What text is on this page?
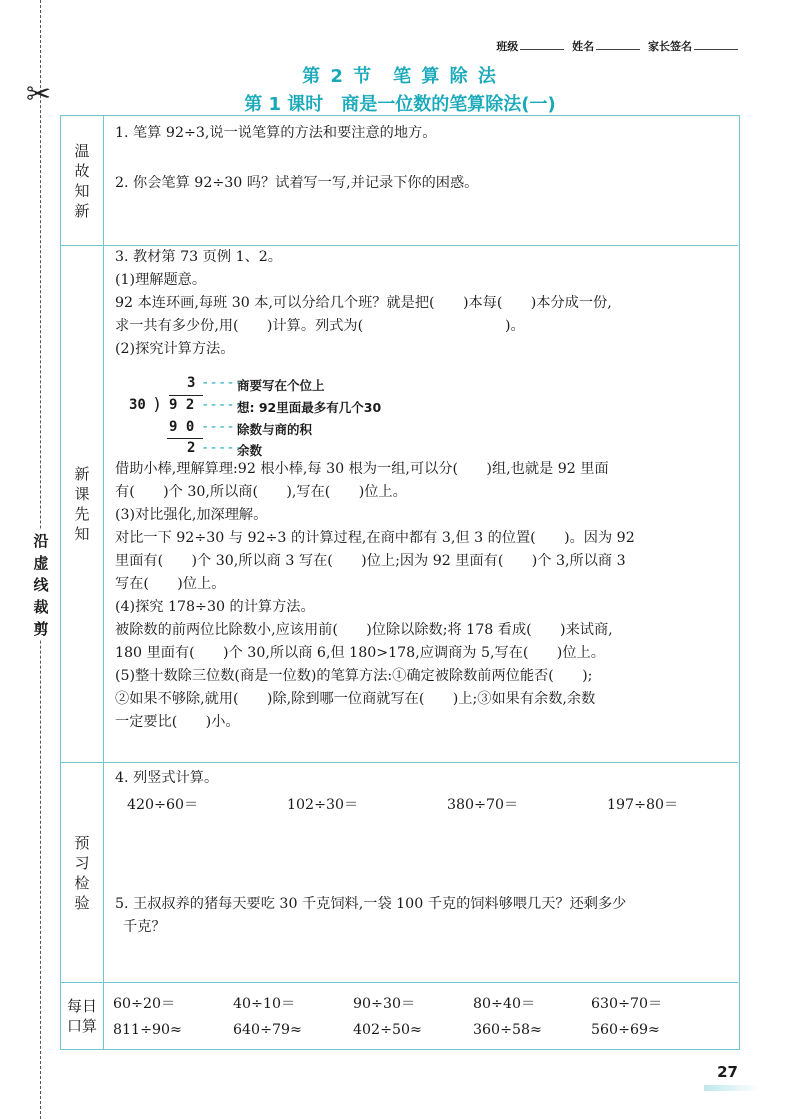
✂
沿虚线裁剪
班级	姓名	家长签名
第 2 节　笔 算 除 法
第 1 课时　商是一位数的笔算除法(一)
温故知新
1. 笔算 92÷3,说一说笔算的方法和要注意的地方。
2. 你会笔算 92÷30 吗？试着写一写,并记录下你的困惑。
新课先知
3. 教材第 73 页例 1、2。
(1)理解题意。
92 本连环画,每班 30 本,可以分给几个班？就是把(　　)本每(　　)本分成一份,
求一共有多少份,用(　　)计算。列式为(　　　　　　　　　　)。
(2)探究计算方法。
借助小棒,理解算理:92 根小棒,每 30 根为一组,可以分(　　)组,也就是 92 里面
有(　　)个 30,所以商(　　),写在(　　)位上。
(3)对比强化,加深理解。
对比一下 92÷30 与 92÷3 的计算过程,在商中都有 3,但 3 的位置(　　)。因为 92
里面有(　　)个 30,所以商 3 写在(　　)位上;因为 92 里面有(　　)个 3,所以商 3
写在(　　)位上。
(4)探究 178÷30 的计算方法。
被除数的前两位比除数小,应该用前(　　)位除以除数;将 178 看成(　　)来试商,
180 里面有(　　)个 30,所以商 6,但 180>178,应调商为 5,写在(　　)位上。
(5)整十数除三位数(商是一位数)的笔算方法:①确定被除数前两位能否(　　);
②如果不够除,就用(　　)除,除到哪一位商就写在(　　)上;③如果有余数,余数
一定要比(　　)小。
3 -----
商要写在个位上
30 ) 9 2 -----
想: 92里面最多有几个30
9 0 -----
除数与商的积
2 -----
余数
预习检验
4. 列竖式计算。
420÷60＝	102÷30＝	380÷70＝	197÷80＝
5. 王叔叔养的猪每天要吃 30 千克饲料,一袋 100 千克的饲料够喂几天？还剩多少
千克？
每日口算
60÷20＝	40÷10＝	90÷30＝	80÷40＝	630÷70＝
811÷90≈	640÷79≈	402÷50≈	360÷58≈	560÷69≈
27
